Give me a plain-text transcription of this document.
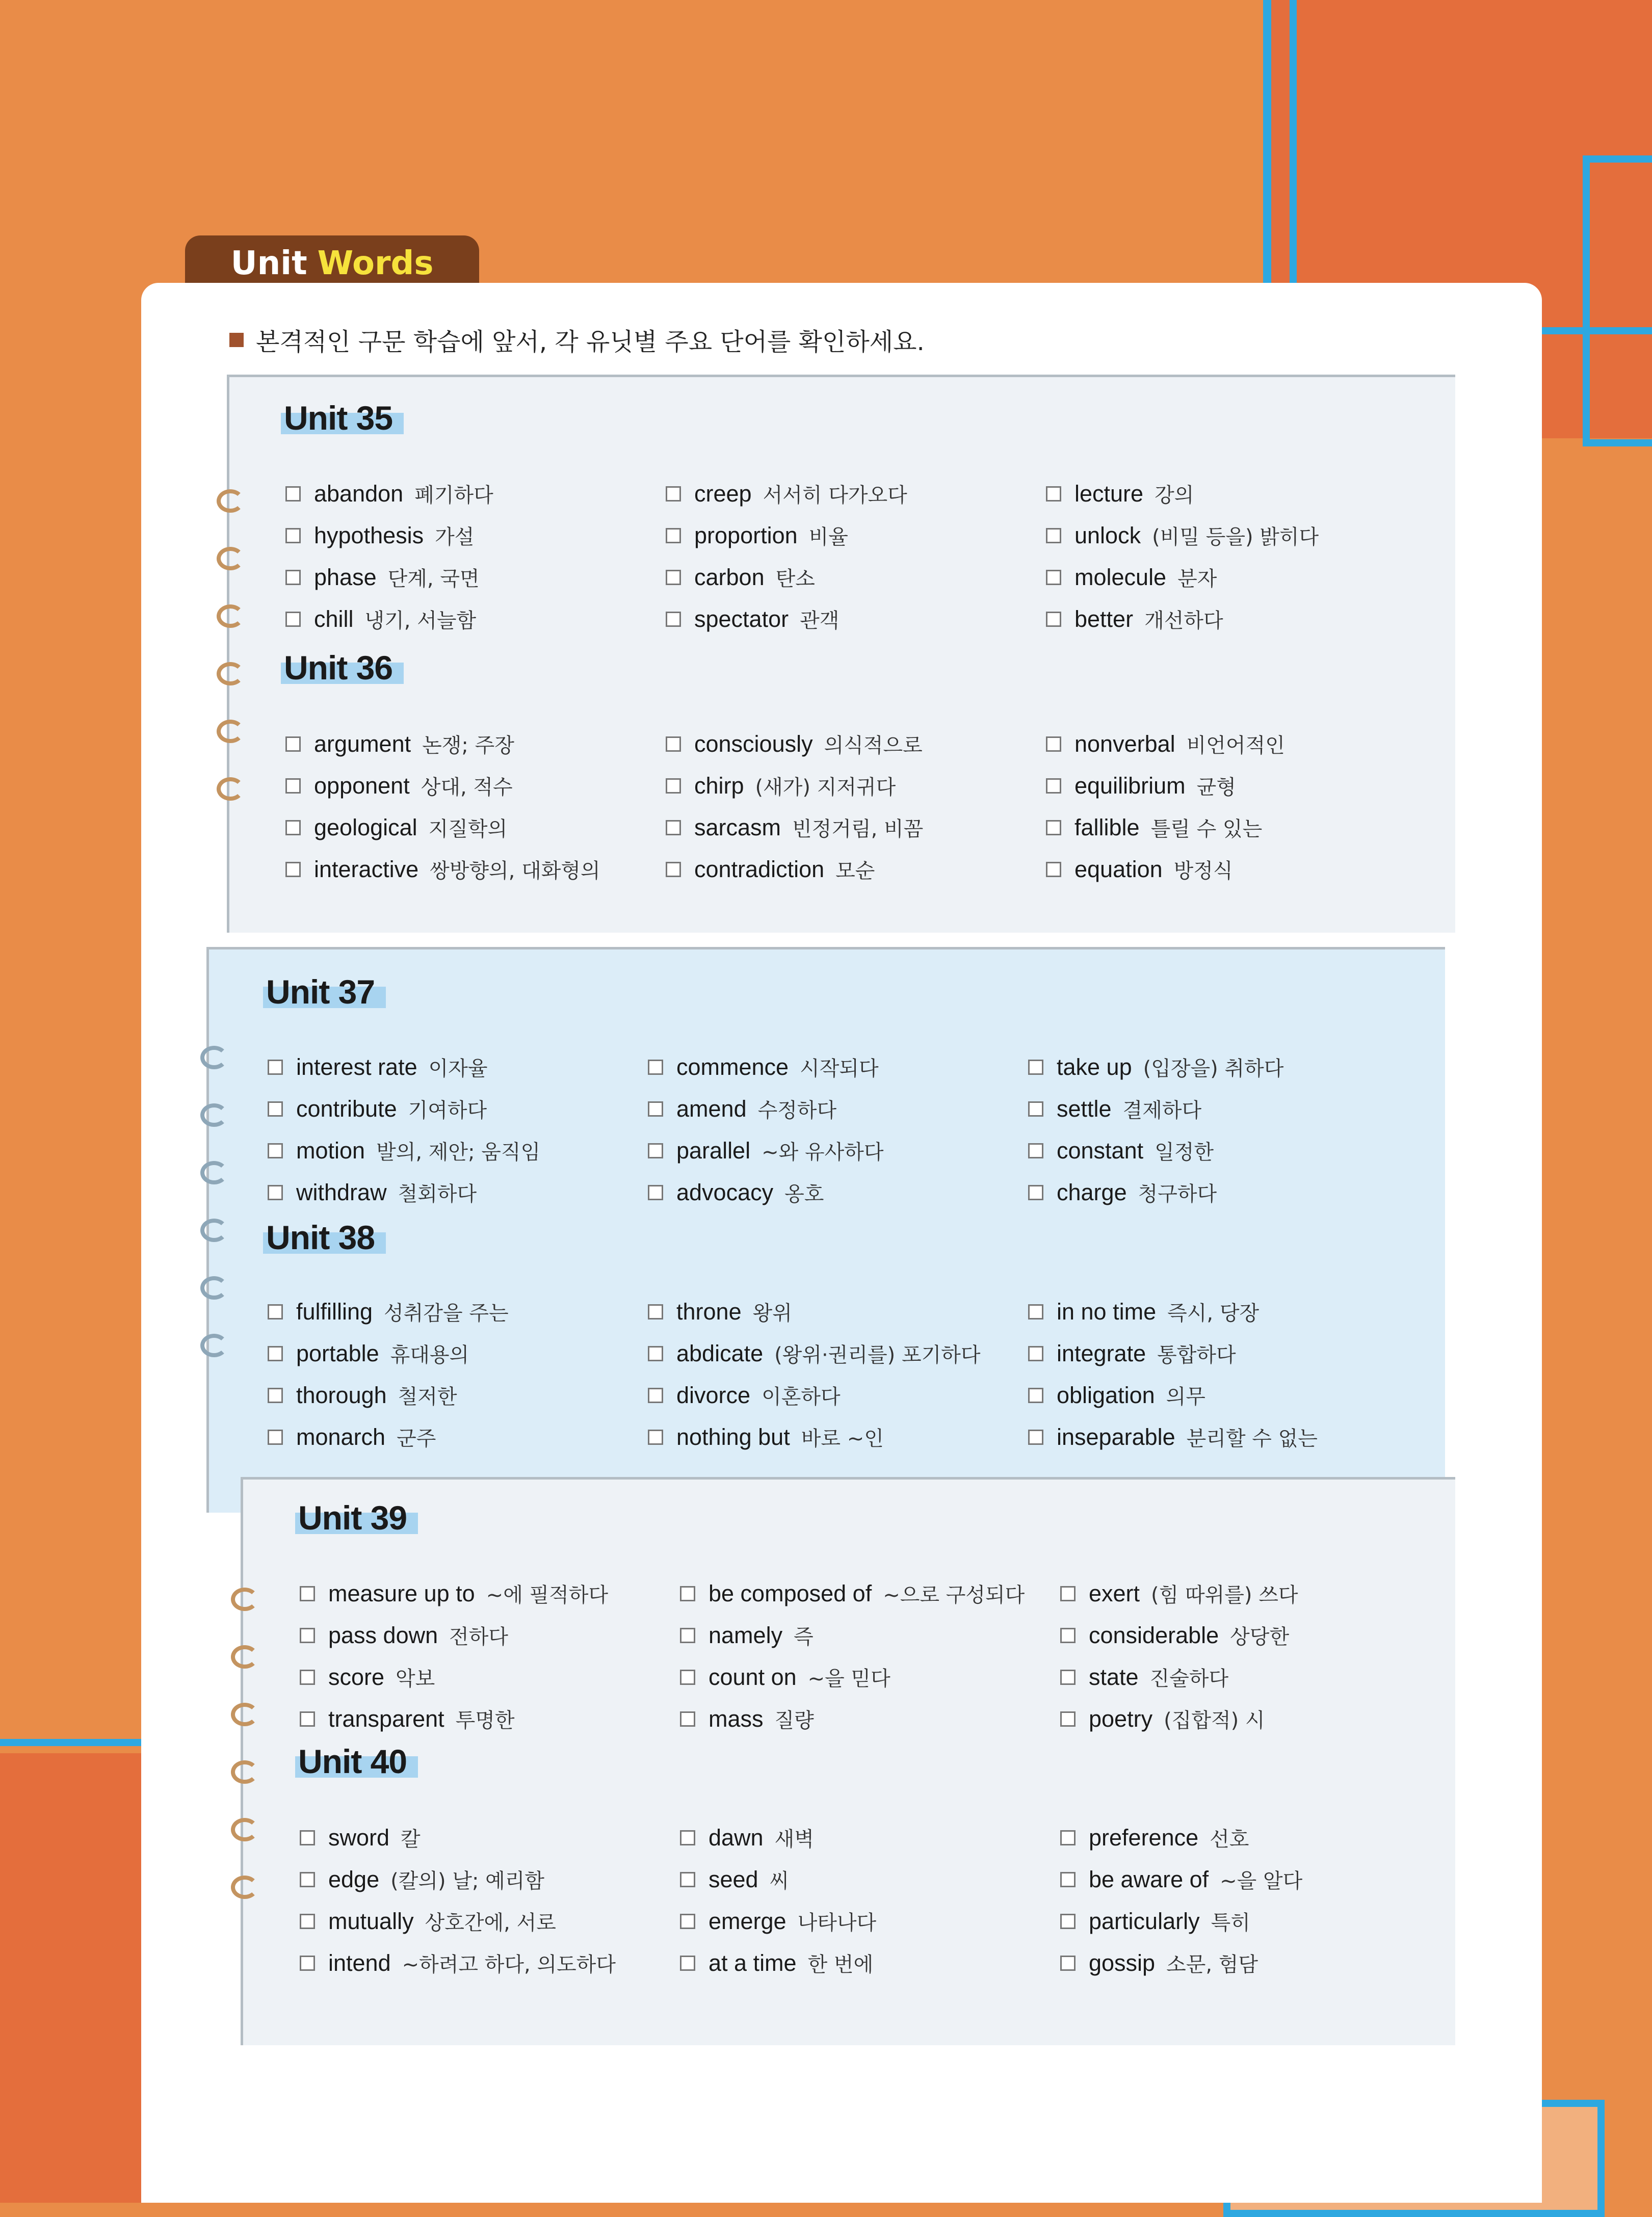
Unit Words
본격적인 구문 학습에 앞서, 각 유닛별 주요 단어를 확인하세요.
Unit 35
abandon 폐기하다
hypothesis 가설
phase 단계, 국면
chill 냉기, 서늘함
creep 서서히 다가오다
proportion 비율
carbon 탄소
spectator 관객
lecture 강의
unlock (비밀 등을) 밝히다
molecule 분자
better 개선하다
Unit 36
argument 논쟁; 주장
opponent 상대, 적수
geological 지질학의
interactive 쌍방향의, 대화형의
consciously 의식적으로
chirp (새가) 지저귀다
sarcasm 빈정거림, 비꼼
contradiction 모순
nonverbal 비언어적인
equilibrium 균형
fallible 틀릴 수 있는
equation 방정식
Unit 37
interest rate 이자율
contribute 기여하다
motion 발의, 제안; 움직임
withdraw 철회하다
commence 시작되다
amend 수정하다
parallel ~와 유사하다
advocacy 옹호
take up (입장을) 취하다
settle 결제하다
constant 일정한
charge 청구하다
Unit 38
fulfilling 성취감을 주는
portable 휴대용의
thorough 철저한
monarch 군주
throne 왕위
abdicate (왕위·권리를) 포기하다
divorce 이혼하다
nothing but 바로 ~인
in no time 즉시, 당장
integrate 통합하다
obligation 의무
inseparable 분리할 수 없는
Unit 39
measure up to ~에 필적하다
pass down 전하다
score 악보
transparent 투명한
be composed of ~으로 구성되다
namely 즉
count on ~을 믿다
mass 질량
exert (힘 따위를) 쓰다
considerable 상당한
state 진술하다
poetry (집합적) 시
Unit 40
sword 칼
edge (칼의) 날; 예리함
mutually 상호간에, 서로
intend ~하려고 하다, 의도하다
dawn 새벽
seed 씨
emerge 나타나다
at a time 한 번에
preference 선호
be aware of ~을 알다
particularly 특히
gossip 소문, 험담
